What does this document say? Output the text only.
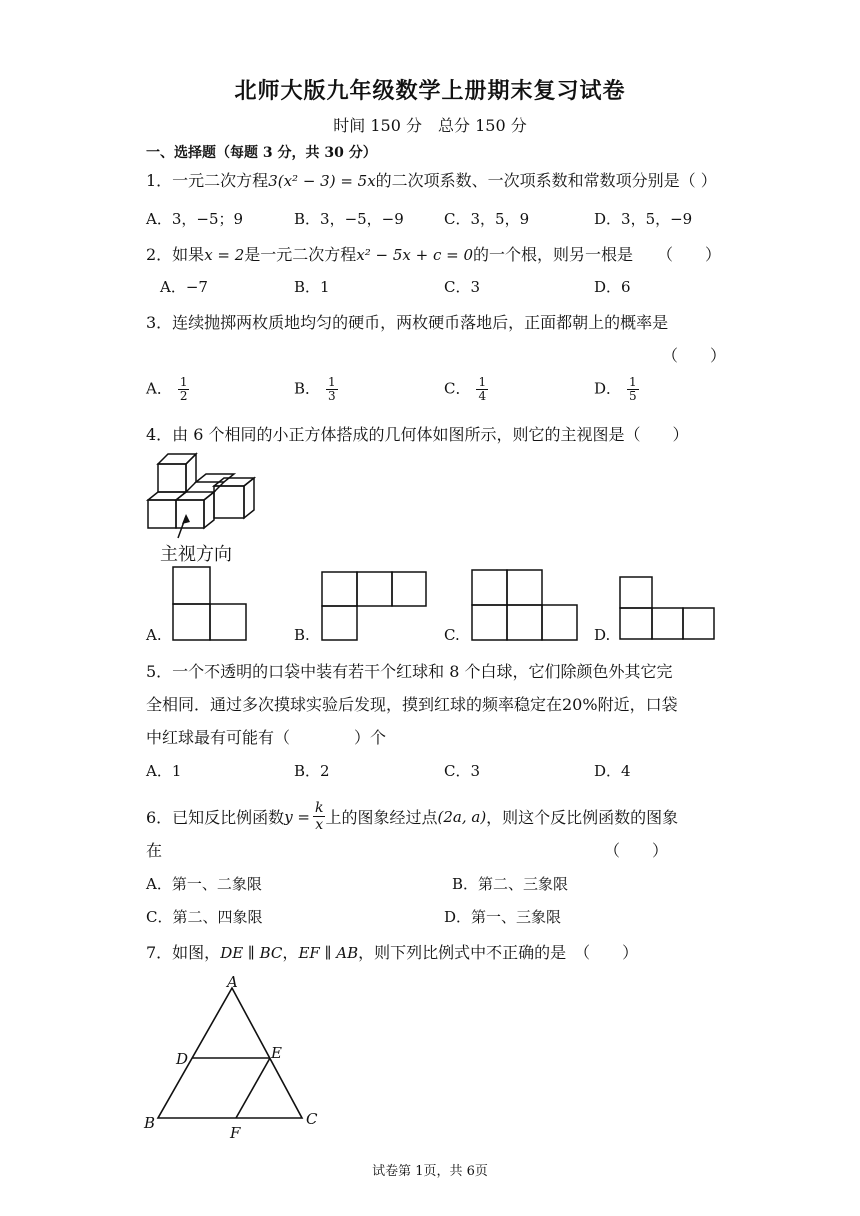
北师大版九年级数学上册期末复习试卷
时间 150 分　总分 150 分
一、选择题（每题 3 分，共 30 分）
1．一元二次方程3(x² − 3) = 5x的二次项系数、一次项系数和常数项分别是（ ）
A．3，−5；9	B．3，−5，−9	C．3，5，9	D．3，5，−9
2．如果x = 2是一元二次方程x² − 5x + c = 0的一个根，则另一根是　　（　　）
A．−7	B．1	C．3	D．6
3．连续抛掷两枚质地均匀的硬币，两枚硬币落地后，正面都朝上的概率是
（　　）
A． $\frac{1}{2}$	B． $\frac{1}{3}$	C． $\frac{1}{4}$	D． $\frac{1}{5}$
4．由 6 个相同的小正方体搭成的几何体如图所示，则它的主视图是（　　）
主视方向
A.	B.	C.	D.
5．一个不透明的口袋中装有若干个红球和 8 个白球，它们除颜色外其它完
全相同．通过多次摸球实验后发现，摸到红球的频率稳定在20%附近，口袋
中红球最有可能有（　　　　）个
A．1	B．2	C．3	D．4
6．已知反比例函数 $y = \frac{k}{x}$ 上的图象经过点 (2a, a) ，则这个反比例函数的图象
在	（　　）
A．第一、二象限	B．第二、三象限
C．第二、四象限	D．第一、三象限
7．如图，DE ∥ BC，EF ∥ AB，则下列比例式中不正确的是　（　　）
A
B	C
D	E
F
试卷第 1页，共 6页
